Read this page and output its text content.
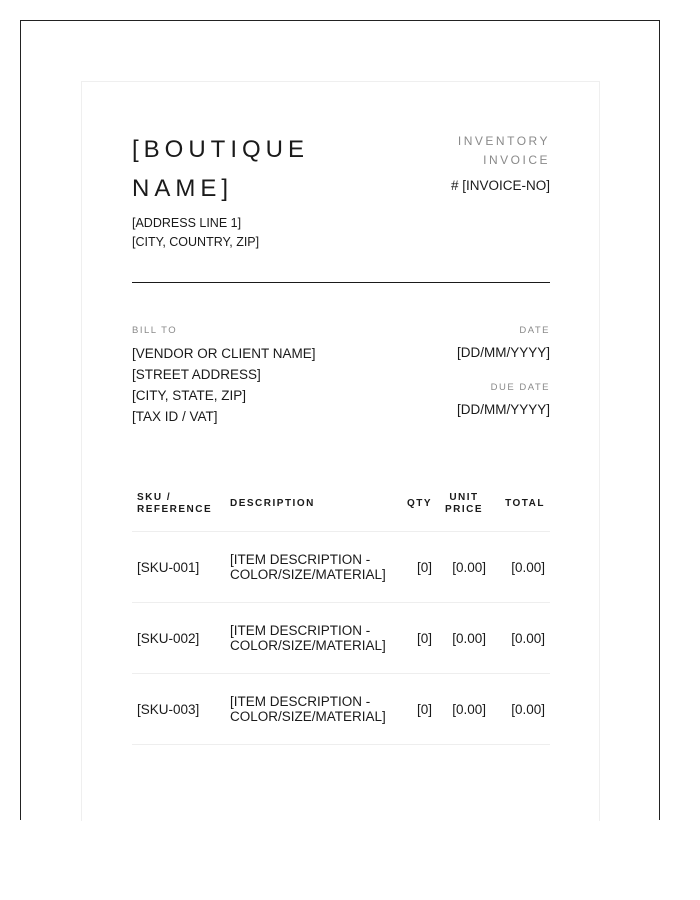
[BOUTIQUE NAME]
[ADDRESS LINE 1]
[CITY, COUNTRY, ZIP]
INVENTORY
INVOICE
# [INVOICE-NO]
BILL TO
[VENDOR OR CLIENT NAME]
[STREET ADDRESS]
[CITY, STATE, ZIP]
[TAX ID / VAT]
DATE
[DD/MM/YYYY]
DUE DATE
[DD/MM/YYYY]
SKU /
REFERENCE	DESCRIPTION	QTY	UNIT
PRICE	TOTAL
[SKU-001]	[ITEM DESCRIPTION -
COLOR/SIZE/MATERIAL]	[0]	[0.00]	[0.00]
[SKU-002]	[ITEM DESCRIPTION -
COLOR/SIZE/MATERIAL]	[0]	[0.00]	[0.00]
[SKU-003]	[ITEM DESCRIPTION -
COLOR/SIZE/MATERIAL]	[0]	[0.00]	[0.00]
